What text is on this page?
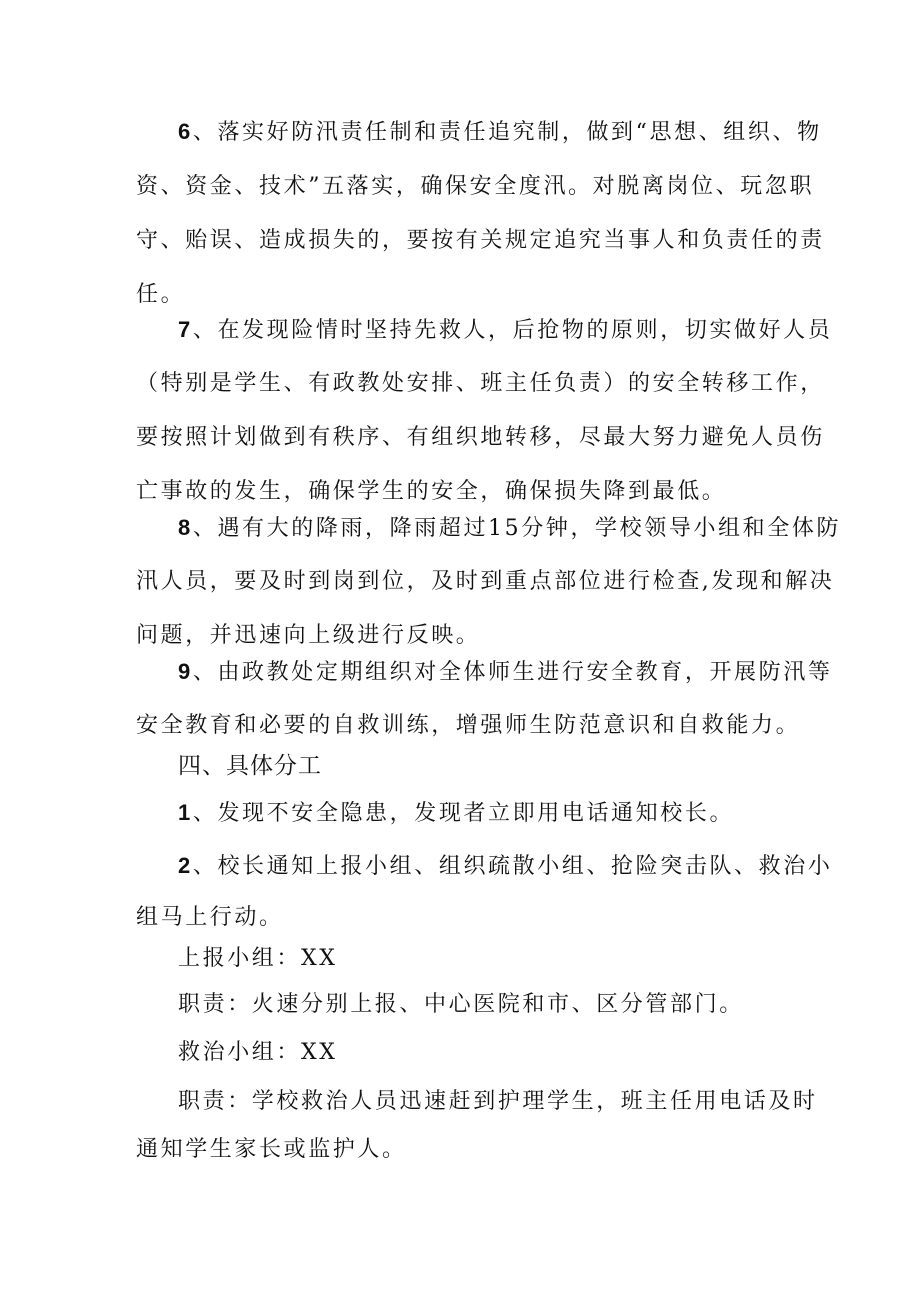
6、落实好防汛责任制和责任追究制，做到“思想、组织、物
资、资金、技术”五落实，确保安全度汛。对脱离岗位、玩忽职
守、贻误、造成损失的，要按有关规定追究当事人和负责任的责
任。
7、在发现险情时坚持先救人，后抢物的原则，切实做好人员
（特别是学生、有政教处安排、班主任负责）的安全转移工作，
要按照计划做到有秩序、有组织地转移，尽最大努力避免人员伤
亡事故的发生，确保学生的安全，确保损失降到最低。
8、遇有大的降雨，降雨超过15分钟，学校领导小组和全体防
汛人员，要及时到岗到位，及时到重点部位进行检查,发现和解决
问题，并迅速向上级进行反映。
9、由政教处定期组织对全体师生进行安全教育，开展防汛等
安全教育和必要的自救训练，增强师生防范意识和自救能力。
四、具体分工
1、发现不安全隐患，发现者立即用电话通知校长。
2、校长通知上报小组、组织疏散小组、抢险突击队、救治小
组马上行动。
上报小组：XX
职责：火速分别上报、中心医院和市、区分管部门。
救治小组：XX
职责：学校救治人员迅速赶到护理学生，班主任用电话及时
通知学生家长或监护人。
